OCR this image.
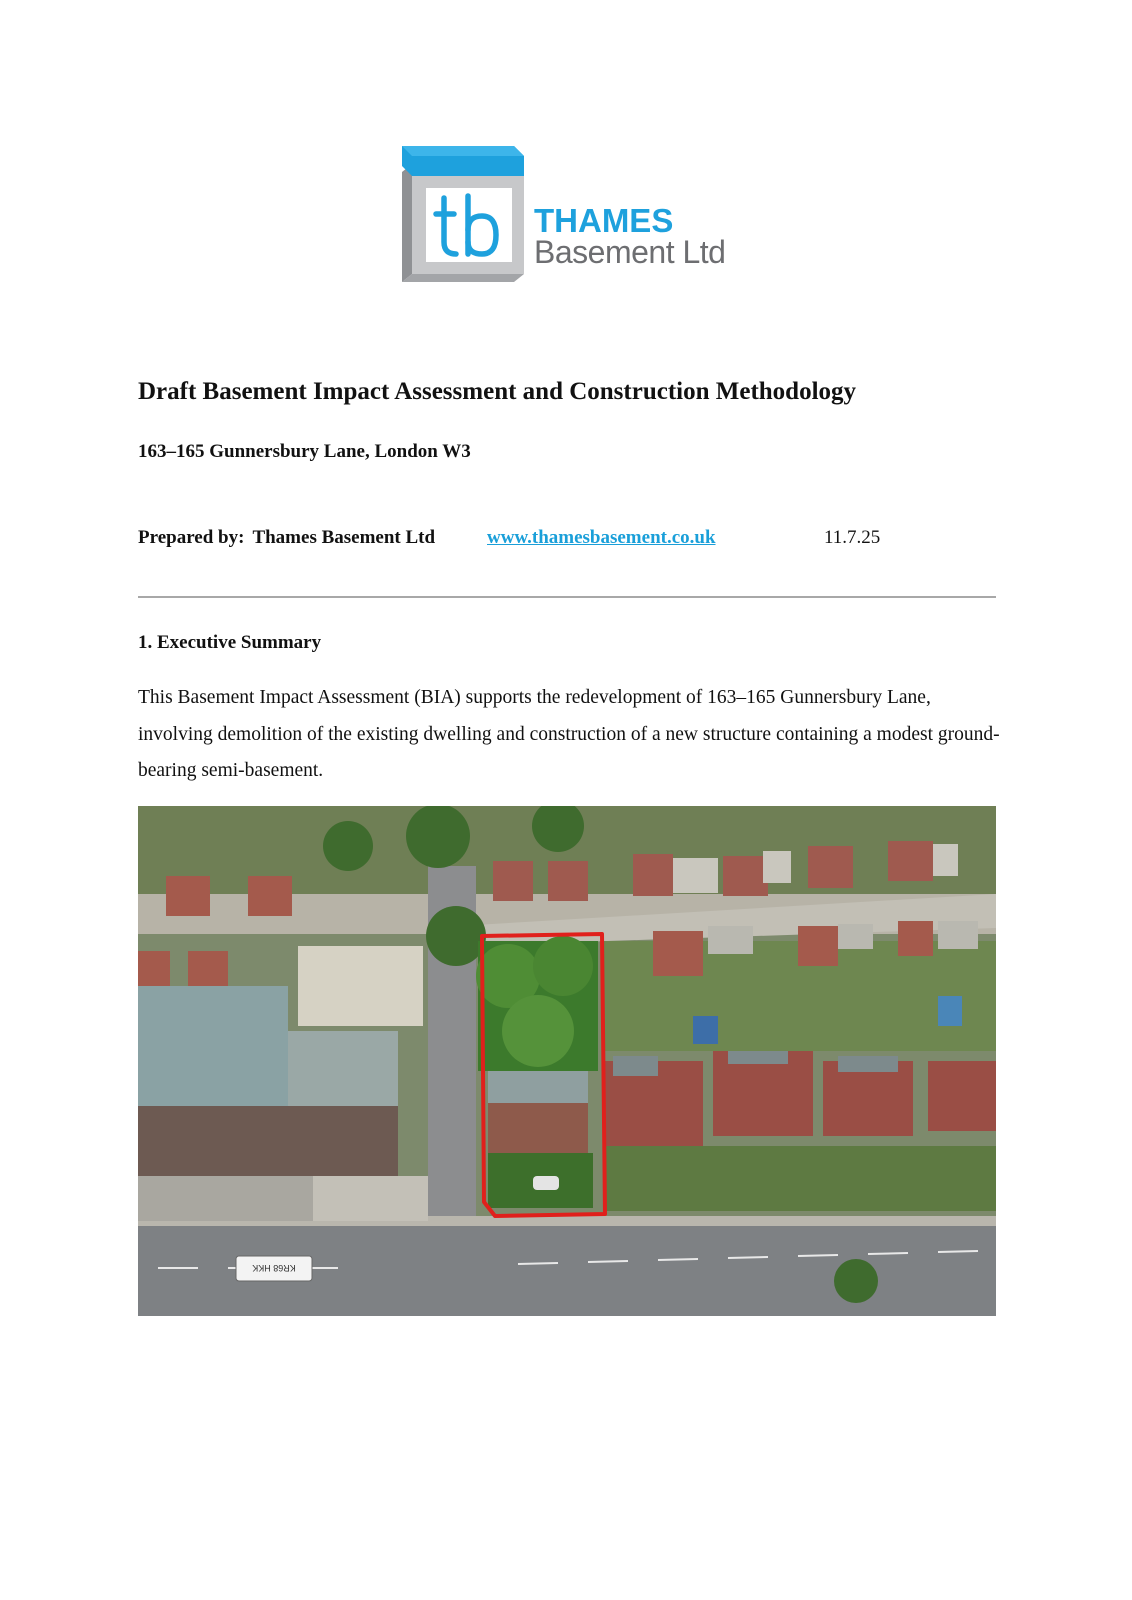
THAMES
Basement Ltd
Draft Basement Impact Assessment and Construction Methodology
163–165 Gunnersbury Lane, London W3
Prepared by: Thames Basement Ltd	www.thamesbasement.co.uk	11.7.25
1. Executive Summary
This Basement Impact Assessment (BIA) supports the redevelopment of 163–165 Gunnersbury Lane, involving demolition of the existing dwelling and construction of a new structure containing a modest ground-bearing semi-basement.
KR68 HKK
